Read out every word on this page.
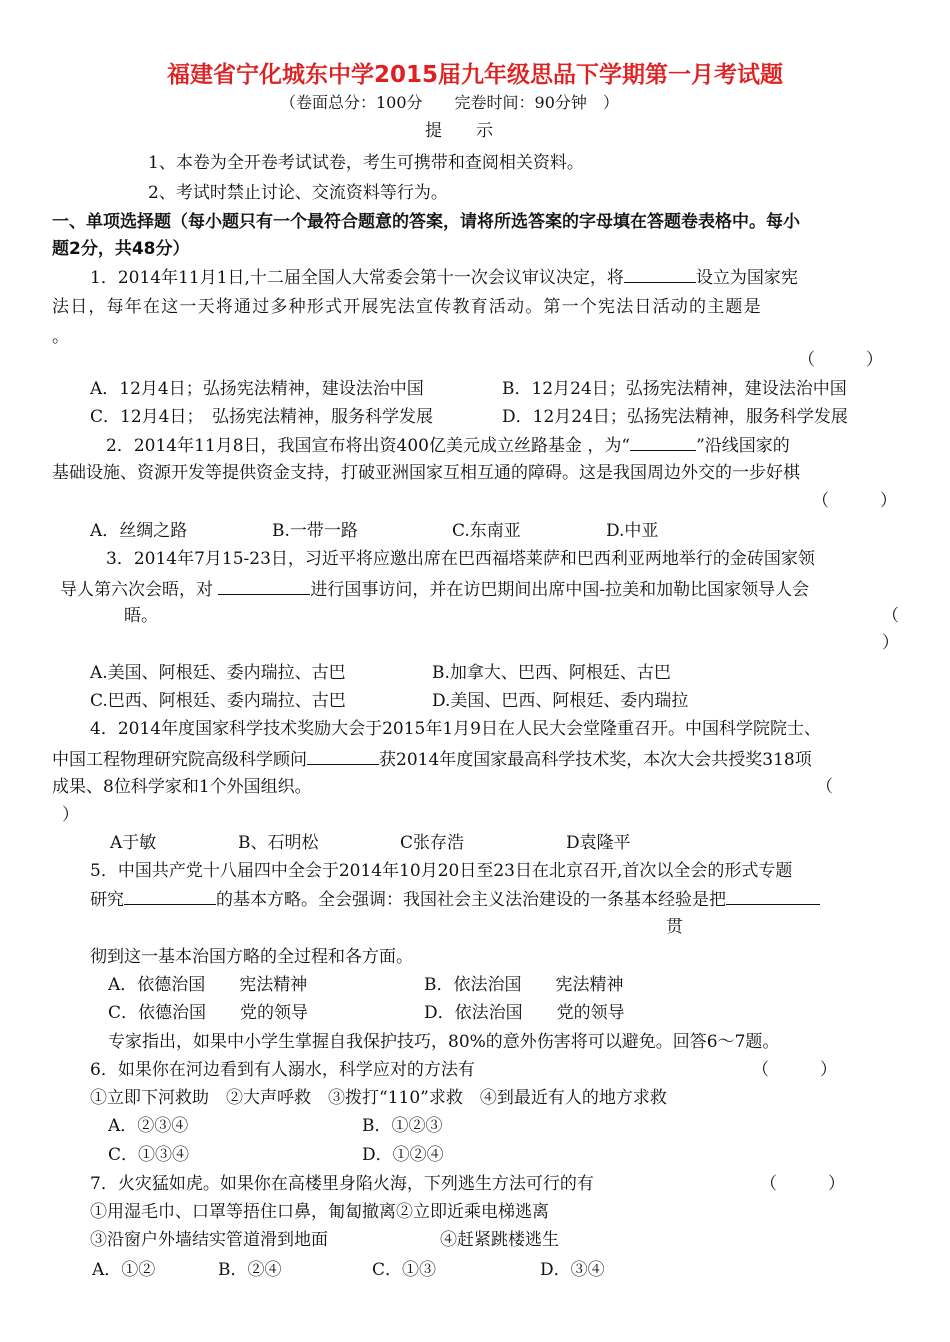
福建省宁化城东中学2015届九年级思品下学期第一月考试题
（卷面总分：100分　　完卷时间：90分钟　）
提　　示
1、本卷为全开卷考试试卷，考生可携带和查阅相关资料。
2、考试时禁止讨论、交流资料等行为。
一、单项选择题（每小题只有一个最符合题意的答案，请将所选答案的字母填在答题卷表格中。每小
题2分，共48分）
1．2014年11月1日,十二届全国人大常委会第十一次会议审议决定，将	设立为国家宪
法日，每年在这一天将通过多种形式开展宪法宣传教育活动。第一个宪法日活动的主题是
。
（　　　）
A．12月4日；弘扬宪法精神，建设法治中国	B．12月24日；弘扬宪法精神，建设法治中国
C．12月4日；　弘扬宪法精神，服务科学发展	D．12月24日；弘扬宪法精神，服务科学发展
2．2014年11月8日，我国宣布将出资400亿美元成立丝路基金 ，为“	”沿线国家的
基础设施、资源开发等提供资金支持，打破亚洲国家互相互通的障碍。这是我国周边外交的一步好棋
（　　　）
A．丝绸之路	B.一带一路	C.东南亚	D.中亚
3．2014年7月15-23日，习近平将应邀出席在巴西福塔莱萨和巴西利亚两地举行的金砖国家领
导人第六次会晤，对	进行国事访问，并在访巴期间出席中国-拉美和加勒比国家领导人会
晤。	（
）
A.美国、阿根廷、委内瑞拉、古巴	B.加拿大、巴西、阿根廷、古巴
C.巴西、阿根廷、委内瑞拉、古巴	D.美国、巴西、阿根廷、委内瑞拉
4．2014年度国家科学技术奖励大会于2015年1月9日在人民大会堂隆重召开。中国科学院院士、
中国工程物理研究院高级科学顾问	获2014年度国家最高科学技术奖，本次大会共授奖318项
成果、8位科学家和1个外国组织。	（
）
A于敏	B、石明松	C张存浩	D袁隆平
5．中国共产党十八届四中全会于2014年10月20日至23日在北京召开,首次以全会的形式专题
研究	的基本方略。全会强调：我国社会主义法治建设的一条基本经验是把
贯
彻到这一基本治国方略的全过程和各方面。
A．依德治国　　宪法精神	B．依法治国　　宪法精神
C．依德治国　　党的领导	D．依法治国　　党的领导
专家指出，如果中小学生掌握自我保护技巧，80%的意外伤害将可以避免。回答6～7题。
6．如果你在河边看到有人溺水，科学应对的方法有	（　　　）
①立即下河救助　②大声呼救　③拨打“110”求救　④到最近有人的地方求救
A．②③④	B．①②③
C．①③④	D．①②④
7．火灾猛如虎。如果你在高楼里身陷火海，下列逃生方法可行的有	（　　　）
①用湿毛巾、口罩等捂住口鼻，匍匐撤离②立即近乘电梯逃离
③沿窗户外墙结实管道滑到地面	④赶紧跳楼逃生
A．①②	B．②④	C．①③	D．③④
